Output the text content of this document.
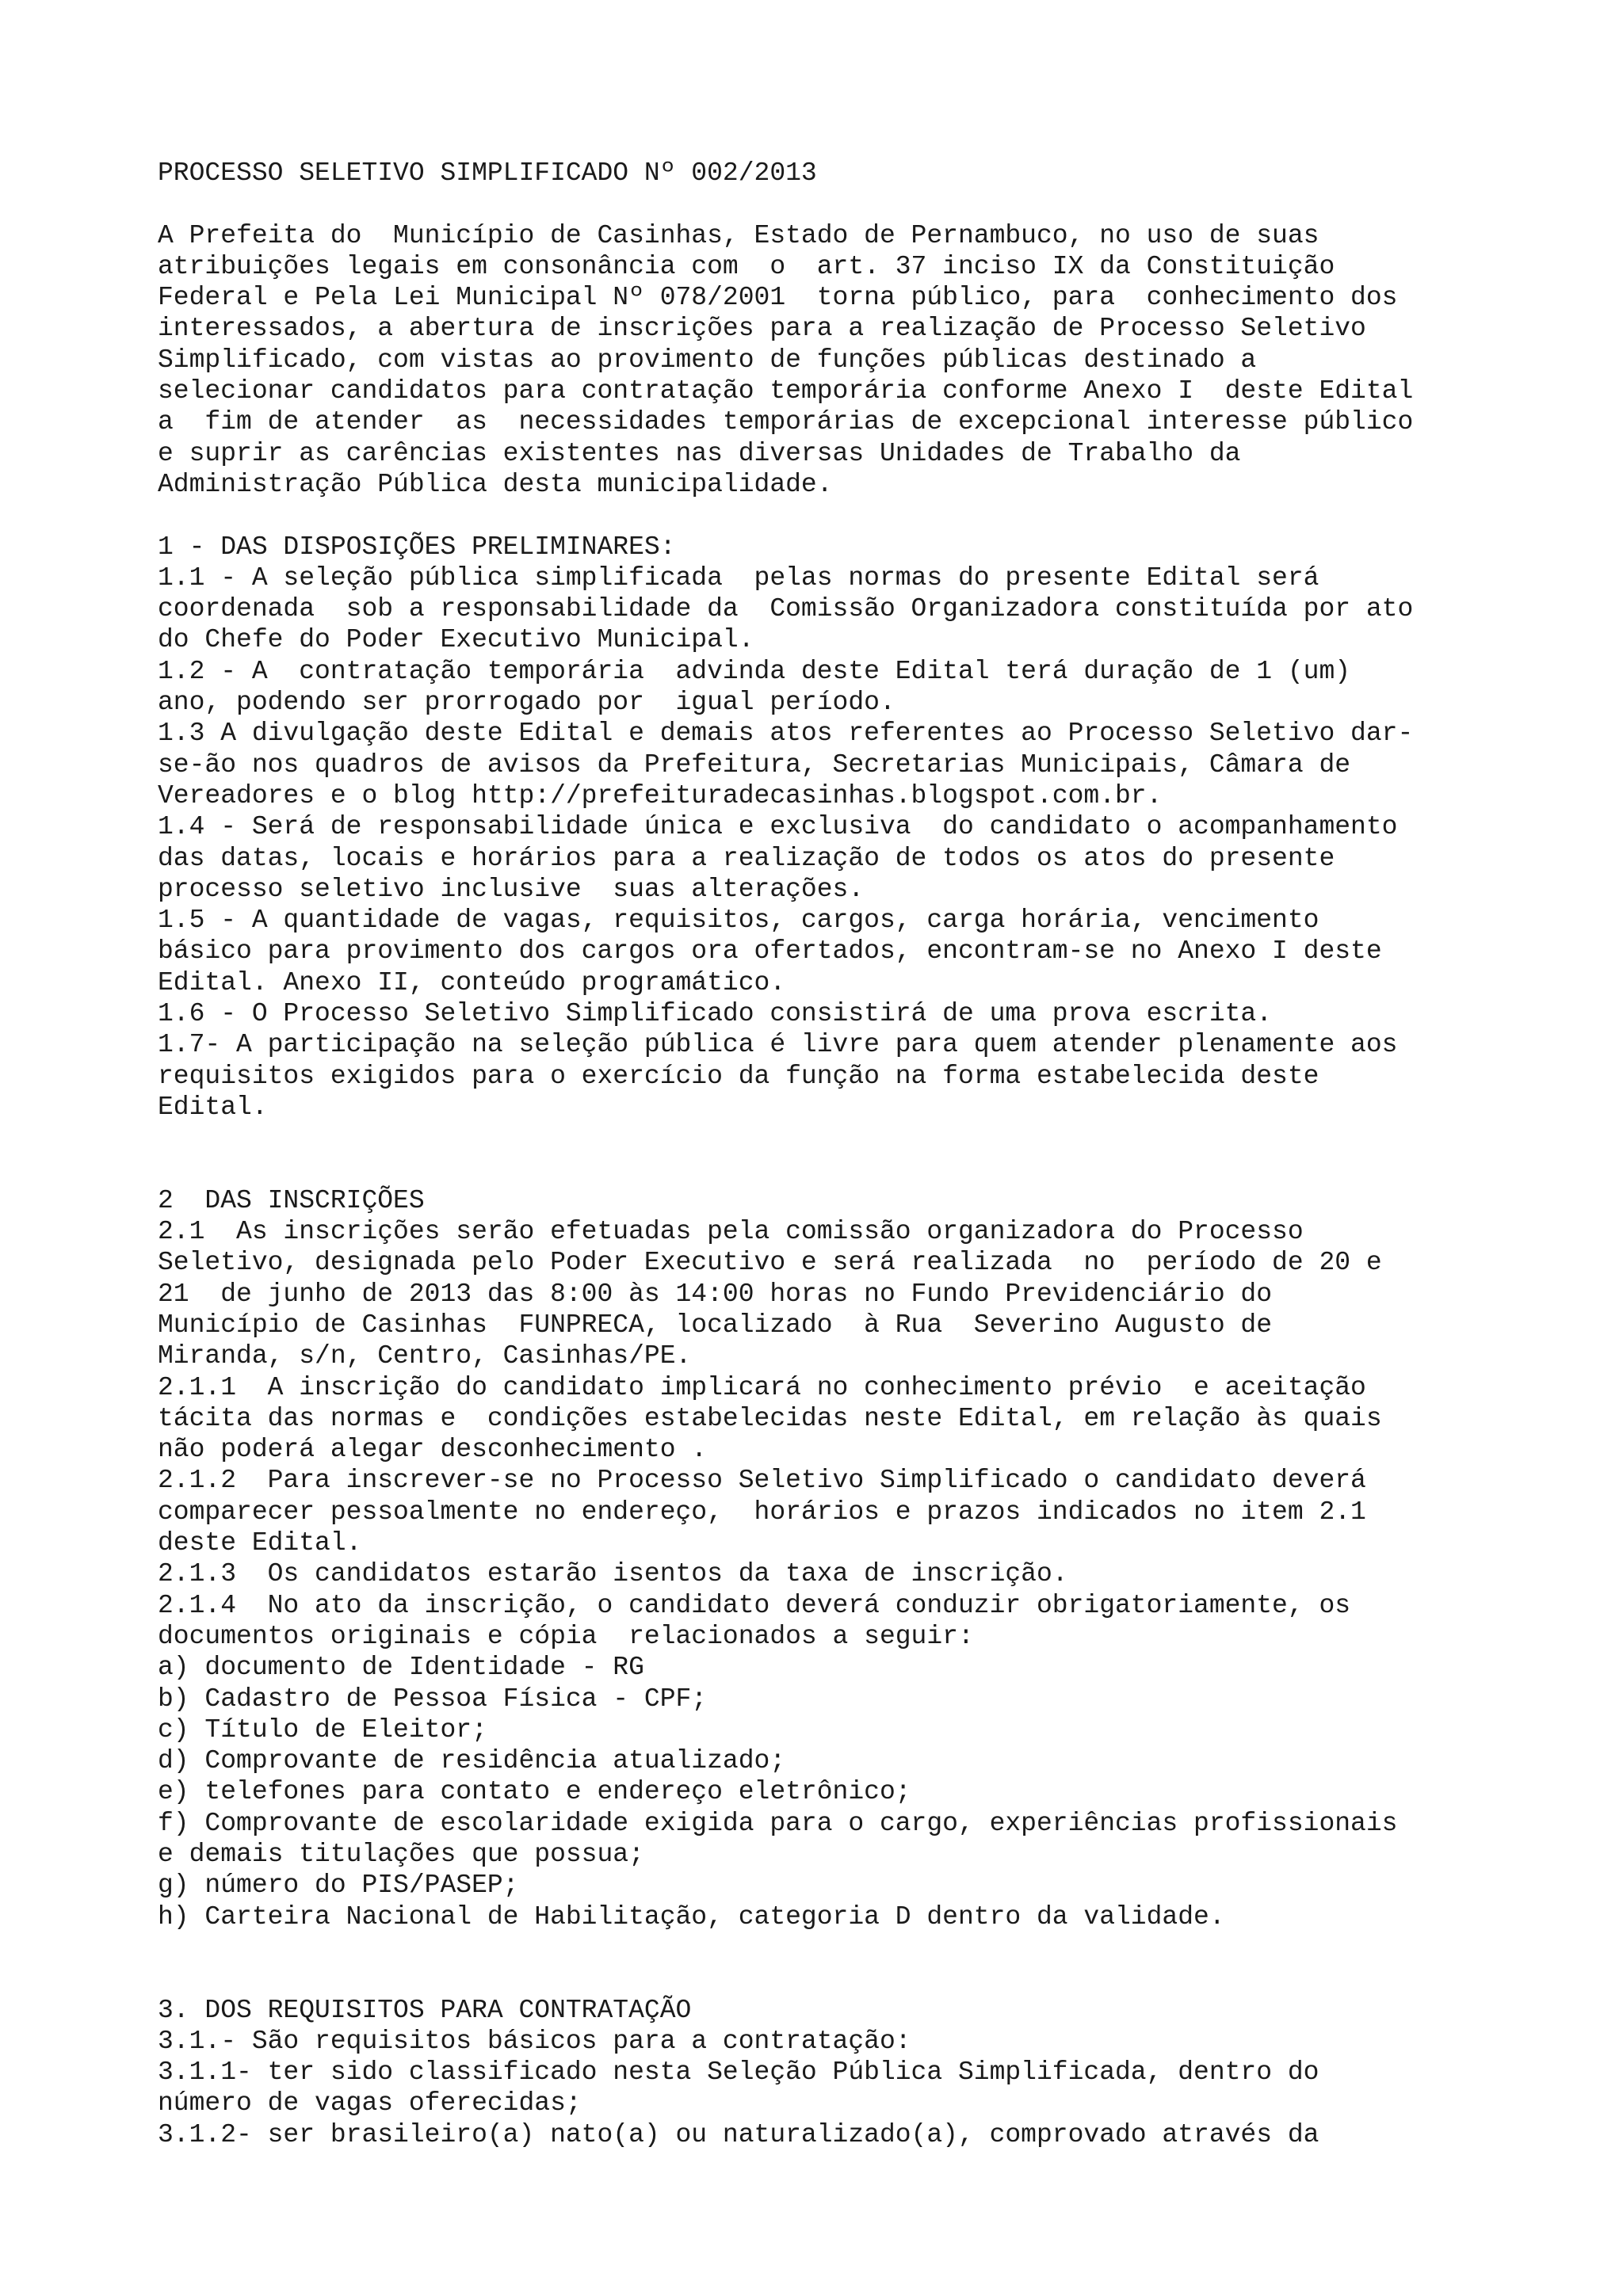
PROCESSO SELETIVO SIMPLIFICADO Nº 002/2013
A Prefeita do  Município de Casinhas, Estado de Pernambuco, no uso de suas
atribuições legais em consonância com  o  art. 37 inciso IX da Constituição
Federal e Pela Lei Municipal Nº 078/2001  torna público, para  conhecimento dos
interessados, a abertura de inscrições para a realização de Processo Seletivo
Simplificado, com vistas ao provimento de funções públicas destinado a
selecionar candidatos para contratação temporária conforme Anexo I  deste Edital
a  fim de atender  as  necessidades temporárias de excepcional interesse público
e suprir as carências existentes nas diversas Unidades de Trabalho da
Administração Pública desta municipalidade.
1 - DAS DISPOSIÇÕES PRELIMINARES:
1.1 - A seleção pública simplificada  pelas normas do presente Edital será
coordenada  sob a responsabilidade da  Comissão Organizadora constituída por ato
do Chefe do Poder Executivo Municipal.
1.2 - A  contratação temporária  advinda deste Edital terá duração de 1 (um)
ano, podendo ser prorrogado por  igual período.
1.3 A divulgação deste Edital e demais atos referentes ao Processo Seletivo dar-
se-ão nos quadros de avisos da Prefeitura, Secretarias Municipais, Câmara de
Vereadores e o blog http://prefeituradecasinhas.blogspot.com.br.
1.4 - Será de responsabilidade única e exclusiva  do candidato o acompanhamento
das datas, locais e horários para a realização de todos os atos do presente
processo seletivo inclusive  suas alterações.
1.5 - A quantidade de vagas, requisitos, cargos, carga horária, vencimento
básico para provimento dos cargos ora ofertados, encontram-se no Anexo I deste
Edital. Anexo II, conteúdo programático.
1.6 - O Processo Seletivo Simplificado consistirá de uma prova escrita.
1.7- A participação na seleção pública é livre para quem atender plenamente aos
requisitos exigidos para o exercício da função na forma estabelecida deste
Edital.
2  DAS INSCRIÇÕES
2.1  As inscrições serão efetuadas pela comissão organizadora do Processo
Seletivo, designada pelo Poder Executivo e será realizada  no  período de 20 e
21  de junho de 2013 das 8:00 às 14:00 horas no Fundo Previdenciário do
Município de Casinhas  FUNPRECA, localizado  à Rua  Severino Augusto de
Miranda, s/n, Centro, Casinhas/PE.
2.1.1  A inscrição do candidato implicará no conhecimento prévio  e aceitação
tácita das normas e  condições estabelecidas neste Edital, em relação às quais
não poderá alegar desconhecimento .
2.1.2  Para inscrever-se no Processo Seletivo Simplificado o candidato deverá
comparecer pessoalmente no endereço,  horários e prazos indicados no item 2.1
deste Edital.
2.1.3  Os candidatos estarão isentos da taxa de inscrição.
2.1.4  No ato da inscrição, o candidato deverá conduzir obrigatoriamente, os
documentos originais e cópia  relacionados a seguir:
a) documento de Identidade - RG
b) Cadastro de Pessoa Física - CPF;
c) Título de Eleitor;
d) Comprovante de residência atualizado;
e) telefones para contato e endereço eletrônico;
f) Comprovante de escolaridade exigida para o cargo, experiências profissionais
e demais titulações que possua;
g) número do PIS/PASEP;
h) Carteira Nacional de Habilitação, categoria D dentro da validade.
3. DOS REQUISITOS PARA CONTRATAÇÃO
3.1.- São requisitos básicos para a contratação:
3.1.1- ter sido classificado nesta Seleção Pública Simplificada, dentro do
número de vagas oferecidas;
3.1.2- ser brasileiro(a) nato(a) ou naturalizado(a), comprovado através da
